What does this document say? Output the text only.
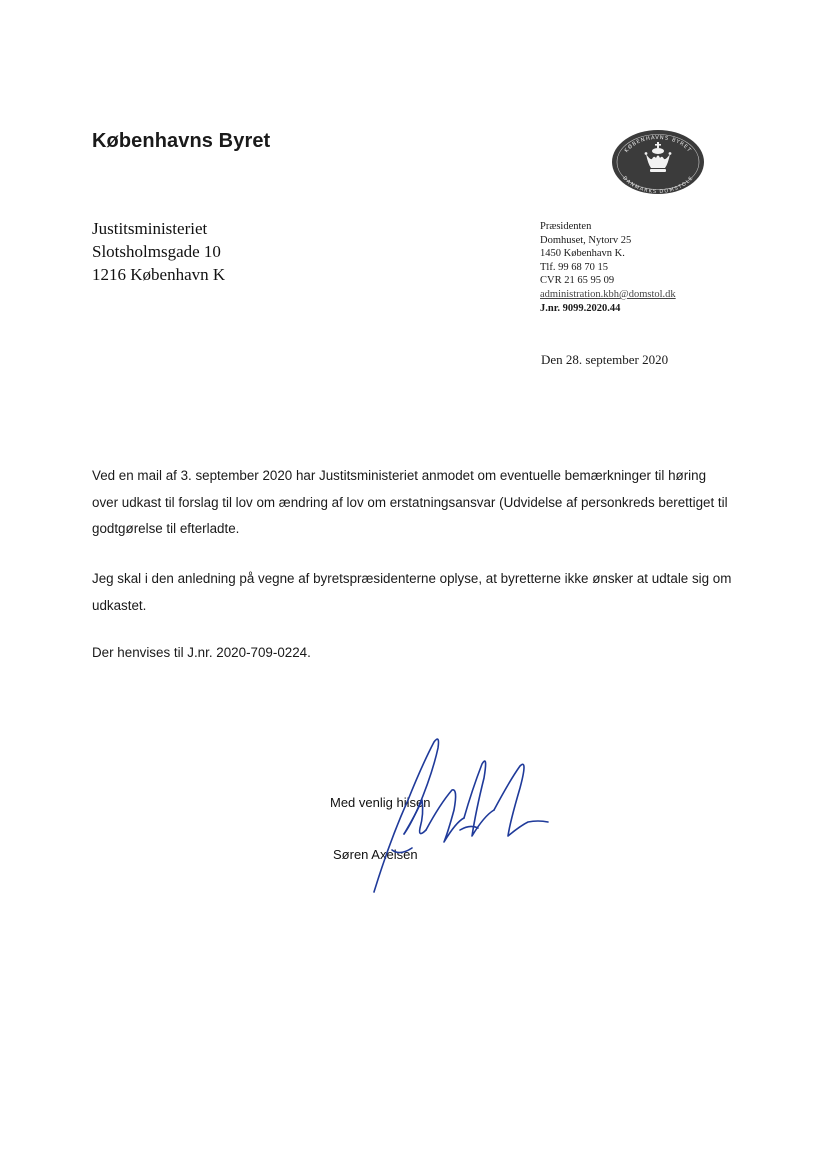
Københavns Byret	KØBENHAVNS BYRET
DANMARKS DOMSTOLE
Justitsministeriet
Slotsholmsgade 10
1216 København K
Præsidenten
Domhuset, Nytorv 25
1450 København K.
Tlf. 99 68 70 15
CVR 21 65 95 09
administration.kbh@domstol.dk
J.nr. 9099.2020.44
Den 28. september 2020
Ved en mail af 3. september 2020 har Justitsministeriet anmodet om eventuelle bemærkninger til høring over udkast til forslag til lov om ændring af lov om erstatningsansvar (Udvidelse af personkreds berettiget til godtgørelse til efterladte.
Jeg skal i den anledning på vegne af byretspræsidenterne oplyse, at byretterne ikke ønsker at udtale sig om udkastet.
Der henvises til J.nr. 2020-709-0224.
Med venlig hilsen
Søren Axelsen
